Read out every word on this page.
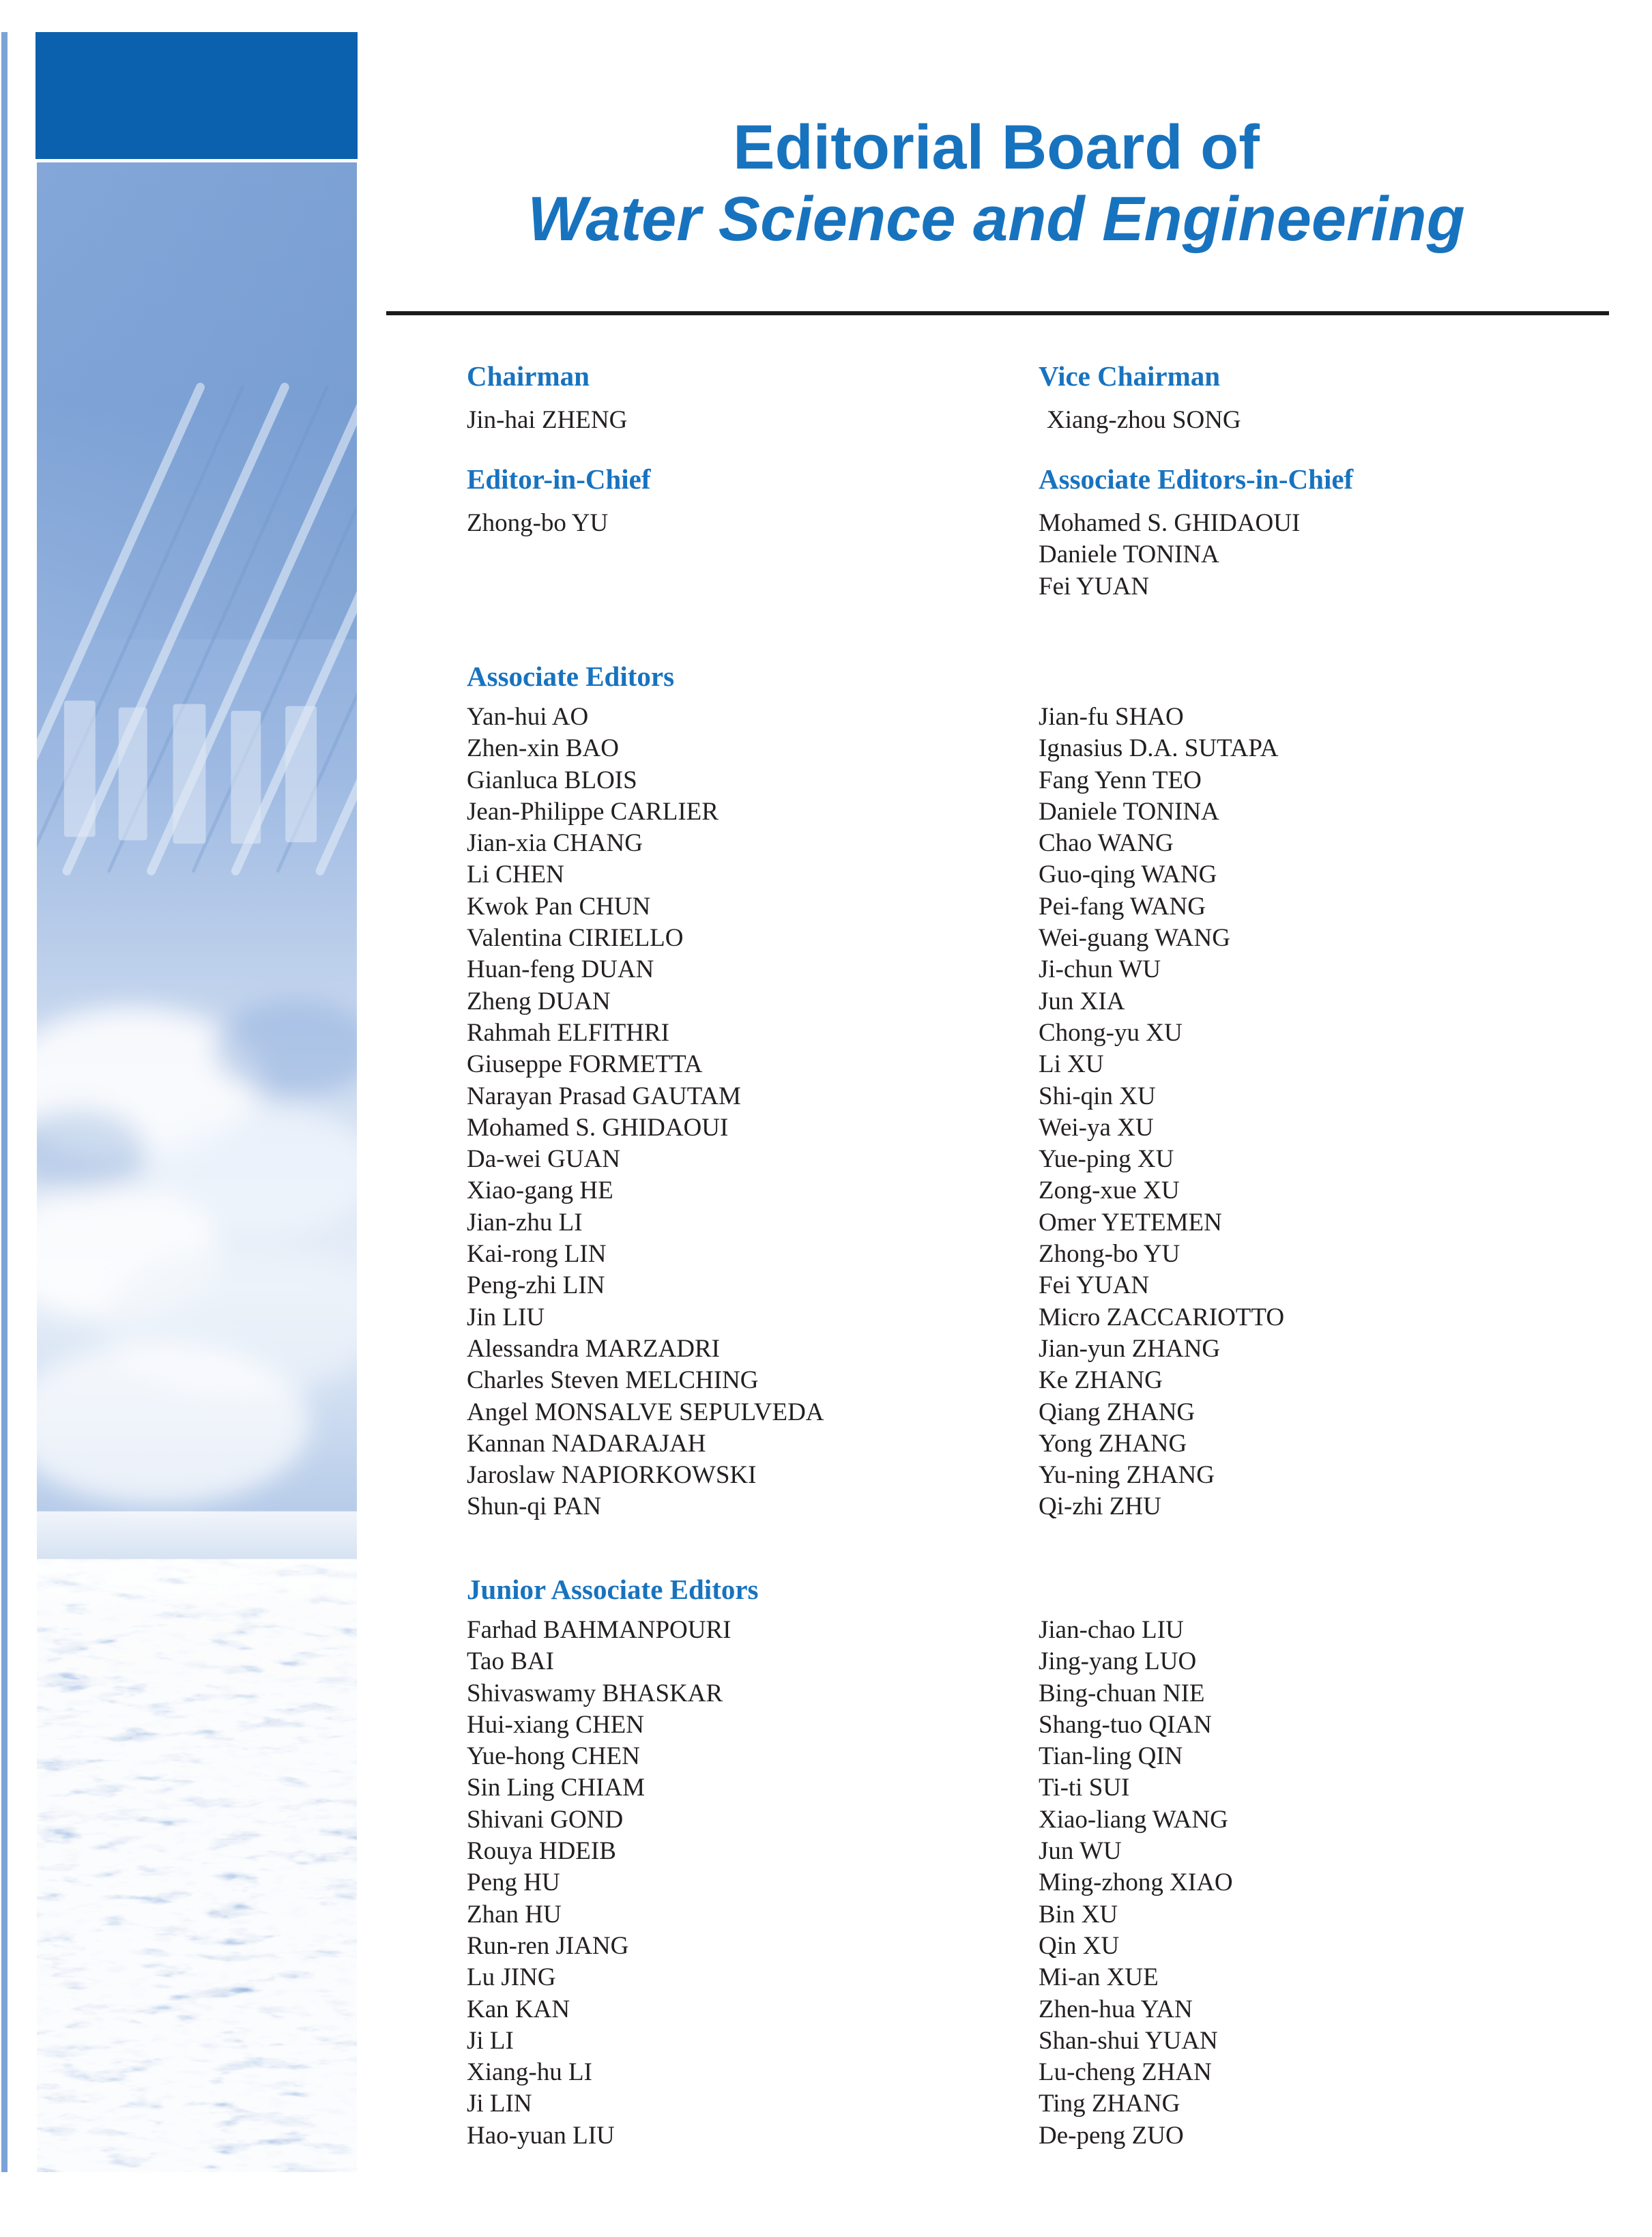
Editorial Board of
Water Science and Engineering
Chairman
Jin-hai ZHENG
Vice Chairman
Xiang-zhou SONG
Editor-in-Chief
Zhong-bo YU
Associate Editors-in-Chief
Mohamed S. GHIDAOUI
Daniele TONINA
Fei YUAN
Associate Editors
Yan-hui AO
Zhen-xin BAO
Gianluca BLOIS
Jean-Philippe CARLIER
Jian-xia CHANG
Li CHEN
Kwok Pan CHUN
Valentina CIRIELLO
Huan-feng DUAN
Zheng DUAN
Rahmah ELFITHRI
Giuseppe FORMETTA
Narayan Prasad GAUTAM
Mohamed S. GHIDAOUI
Da-wei GUAN
Xiao-gang HE
Jian-zhu LI
Kai-rong LIN
Peng-zhi LIN
Jin LIU
Alessandra MARZADRI
Charles Steven MELCHING
Angel MONSALVE SEPULVEDA
Kannan NADARAJAH
Jaroslaw NAPIORKOWSKI
Shun-qi PAN
Jian-fu SHAO
Ignasius D.A. SUTAPA
Fang Yenn TEO
Daniele TONINA
Chao WANG
Guo-qing WANG
Pei-fang WANG
Wei-guang WANG
Ji-chun WU
Jun XIA
Chong-yu XU
Li XU
Shi-qin XU
Wei-ya XU
Yue-ping XU
Zong-xue XU
Omer YETEMEN
Zhong-bo YU
Fei YUAN
Micro ZACCARIOTTO
Jian-yun ZHANG
Ke ZHANG
Qiang ZHANG
Yong ZHANG
Yu-ning ZHANG
Qi-zhi ZHU
Junior Associate Editors
Farhad BAHMANPOURI
Tao BAI
Shivaswamy BHASKAR
Hui-xiang CHEN
Yue-hong CHEN
Sin Ling CHIAM
Shivani GOND
Rouya HDEIB
Peng HU
Zhan HU
Run-ren JIANG
Lu JING
Kan KAN
Ji LI
Xiang-hu LI
Ji LIN
Hao-yuan LIU
Jian-chao LIU
Jing-yang LUO
Bing-chuan NIE
Shang-tuo QIAN
Tian-ling QIN
Ti-ti SUI
Xiao-liang WANG
Jun WU
Ming-zhong XIAO
Bin XU
Qin XU
Mi-an XUE
Zhen-hua YAN
Shan-shui YUAN
Lu-cheng ZHAN
Ting ZHANG
De-peng ZUO
